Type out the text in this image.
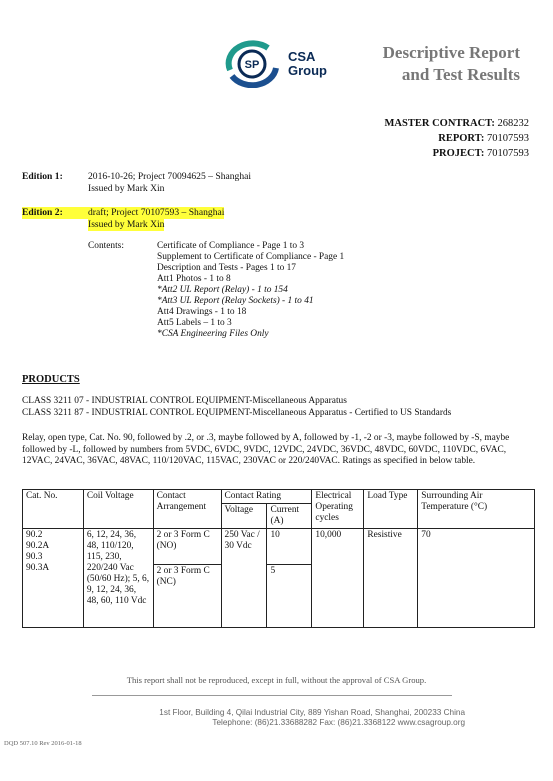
SP
CSA
Group
Descriptive Report
and Test Results
MASTER CONTRACT: 268232
REPORT: 70107593
PROJECT: 70107593
Edition 1:	2016-10-26; Project 70094625 – Shanghai
Issued by Mark Xin
Edition 2:	draft; Project 70107593 – Shanghai
Issued by Mark Xin
Contents:	Certificate of Compliance - Page 1 to 3
Supplement to Certificate of Compliance - Page 1
Description and Tests - Pages 1 to 17
Att1 Photos - 1 to 8
*Att2 UL Report (Relay) - 1 to 154
*Att3 UL Report (Relay Sockets) - 1 to 41
Att4 Drawings - 1 to 18
Att5 Labels – 1 to 3
*CSA Engineering Files Only
PRODUCTS
CLASS 3211 07 - INDUSTRIAL CONTROL EQUIPMENT-Miscellaneous Apparatus
CLASS 3211 87 - INDUSTRIAL CONTROL EQUIPMENT-Miscellaneous Apparatus - Certified to US Standards
Relay, open type, Cat. No. 90, followed by .2, or .3, maybe followed by A, followed by -1, -2 or -3, maybe followed by -S, maybe followed by -L, followed by numbers from 5VDC, 6VDC, 9VDC, 12VDC, 24VDC, 36VDC, 48VDC, 60VDC, 110VDC, 6VAC, 12VAC, 24VAC, 36VAC, 48VAC, 110/120VAC, 115VAC, 230VAC or 220/240VAC. Ratings as specified in below table.
Cat. No.	Coil Voltage	Contact Arrangement	Contact Rating		Electrical Operating cycles	Load Type	Surrounding Air Temperature (°C)
			Voltage	Current (A)			
90.2
90.2A
90.3
90.3A	6, 12, 24, 36, 48, 110/120, 115, 230, 220/240 Vac (50/60 Hz); 5, 6, 9, 12, 24, 36, 48, 60, 110 Vdc	2 or 3 Form C (NO)	250 Vac / 30 Vdc	10	10,000	Resistive	70
		2 or 3 Form C (NC)		5			
This report shall not be reproduced, except in full, without the approval of CSA Group.
1st Floor, Building 4, Qilai Industrial City, 889 Yishan Road, Shanghai, 200233 China
Telephone: (86)21.33688282 Fax: (86)21.3368122 www.csagroup.org
DQD 507.10 Rev 2016-01-18
